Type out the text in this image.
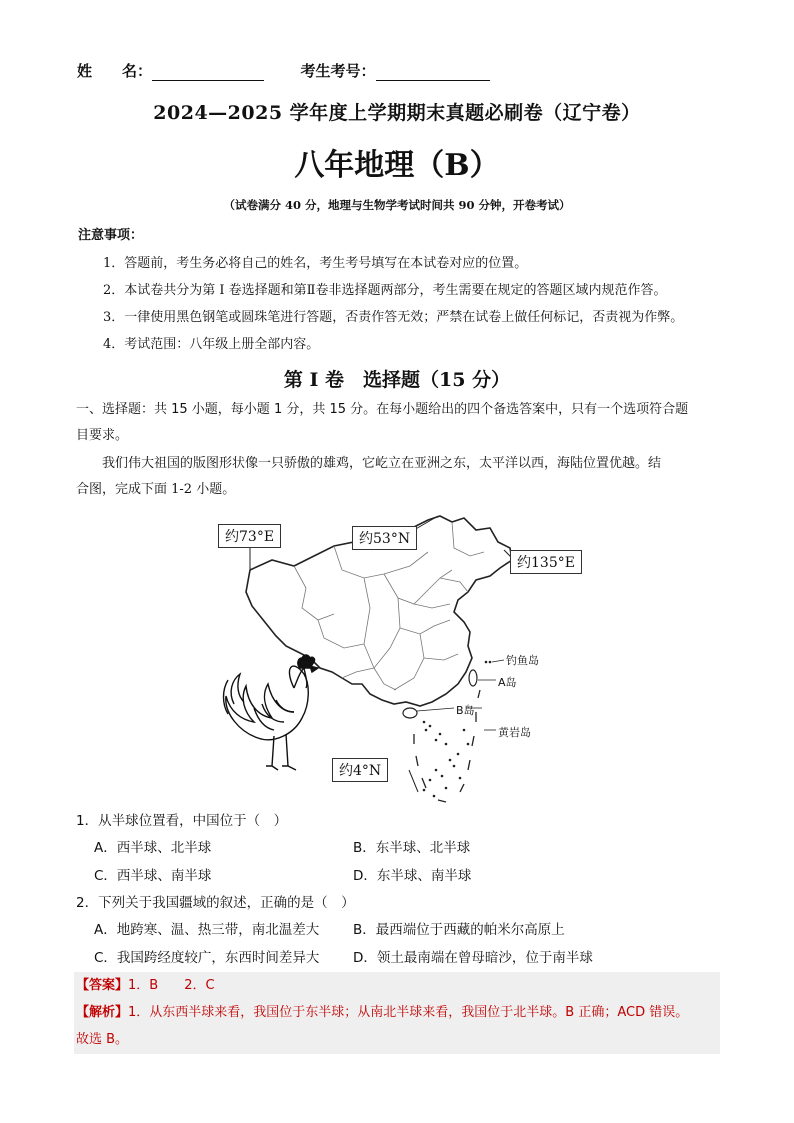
姓　　名：	考生考号：
2024—2025 学年度上学期期末真题必刷卷（辽宁卷）
八年地理（B）
（试卷满分 40 分，地理与生物学考试时间共 90 分钟，开卷考试）
注意事项：
1．答题前，考生务必将自己的姓名，考生考号填写在本试卷对应的位置。
2．本试卷共分为第 I 卷选择题和第Ⅱ卷非选择题两部分，考生需要在规定的答题区域内规范作答。
3．一律使用黑色钢笔或圆珠笔进行答题，否责作答无效；严禁在试卷上做任何标记，否责视为作弊。
4．考试范围：八年级上册全部内容。
第 I 卷　选择题（15 分）
一、选择题：共 15 小题，每小题 1 分，共 15 分。在每小题给出的四个备选答案中，只有一个选项符合题
目要求。
我们伟大祖国的版图形状像一只骄傲的雄鸡，它屹立在亚洲之东，太平洋以西，海陆位置优越。结
合图，完成下面 1-2 小题。
约73°E	约53°N
约135°E
约4°N
钓鱼岛
A岛
B岛
黄岩岛
1．从半球位置看，中国位于（　）
A．西半球、北半球	B．东半球、北半球
C．西半球、南半球	D．东半球、南半球
2．下列关于我国疆域的叙述，正确的是（　）
A．地跨寒、温、热三带，南北温差大	B．最西端位于西藏的帕米尔高原上
C．我国跨经度较广，东西时间差异大 D．领土最南端在曾母暗沙，位于南半球
【答案】1．B　　2．C
【解析】1．从东西半球来看，我国位于东半球；从南北半球来看，我国位于北半球。B 正确；ACD 错误。
故选 B。
